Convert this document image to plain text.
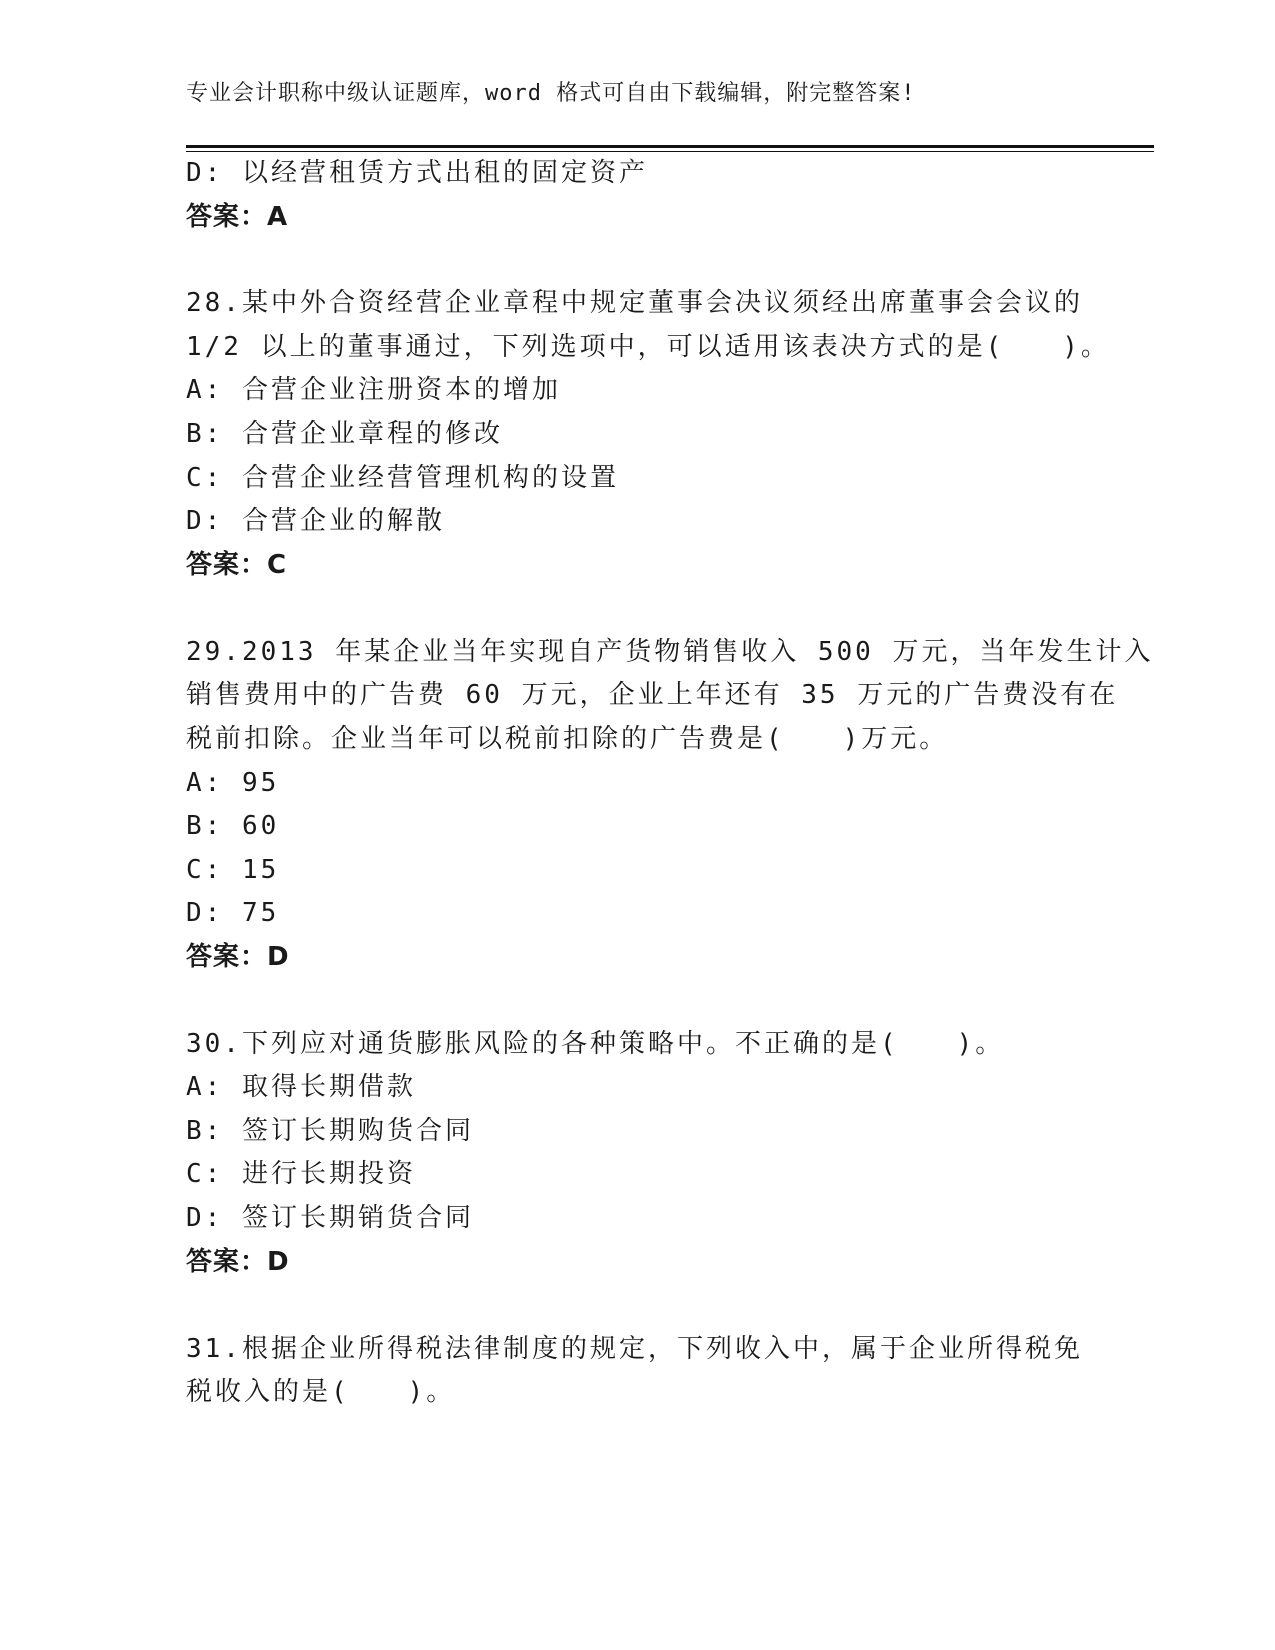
专业会计职称中级认证题库，word 格式可自由下载编辑，附完整答案!
D: 以经营租赁方式出租的固定资产
答案：A
28.某中外合资经营企业章程中规定董事会决议须经出席董事会会议的
1/2 以上的董事通过，下列选项中，可以适用该表决方式的是(　　)。
A: 合营企业注册资本的增加
B: 合营企业章程的修改
C: 合营企业经营管理机构的设置
D: 合营企业的解散
答案：C
29.2013 年某企业当年实现自产货物销售收入 500 万元，当年发生计入
销售费用中的广告费 60 万元，企业上年还有 35 万元的广告费没有在
税前扣除。企业当年可以税前扣除的广告费是(　　)万元。
A: 95
B: 60
C: 15
D: 75
答案：D
30.下列应对通货膨胀风险的各种策略中。不正确的是(　　)。
A: 取得长期借款
B: 签订长期购货合同
C: 进行长期投资
D: 签订长期销货合同
答案：D
31.根据企业所得税法律制度的规定，下列收入中，属于企业所得税免
税收入的是(　　)。
